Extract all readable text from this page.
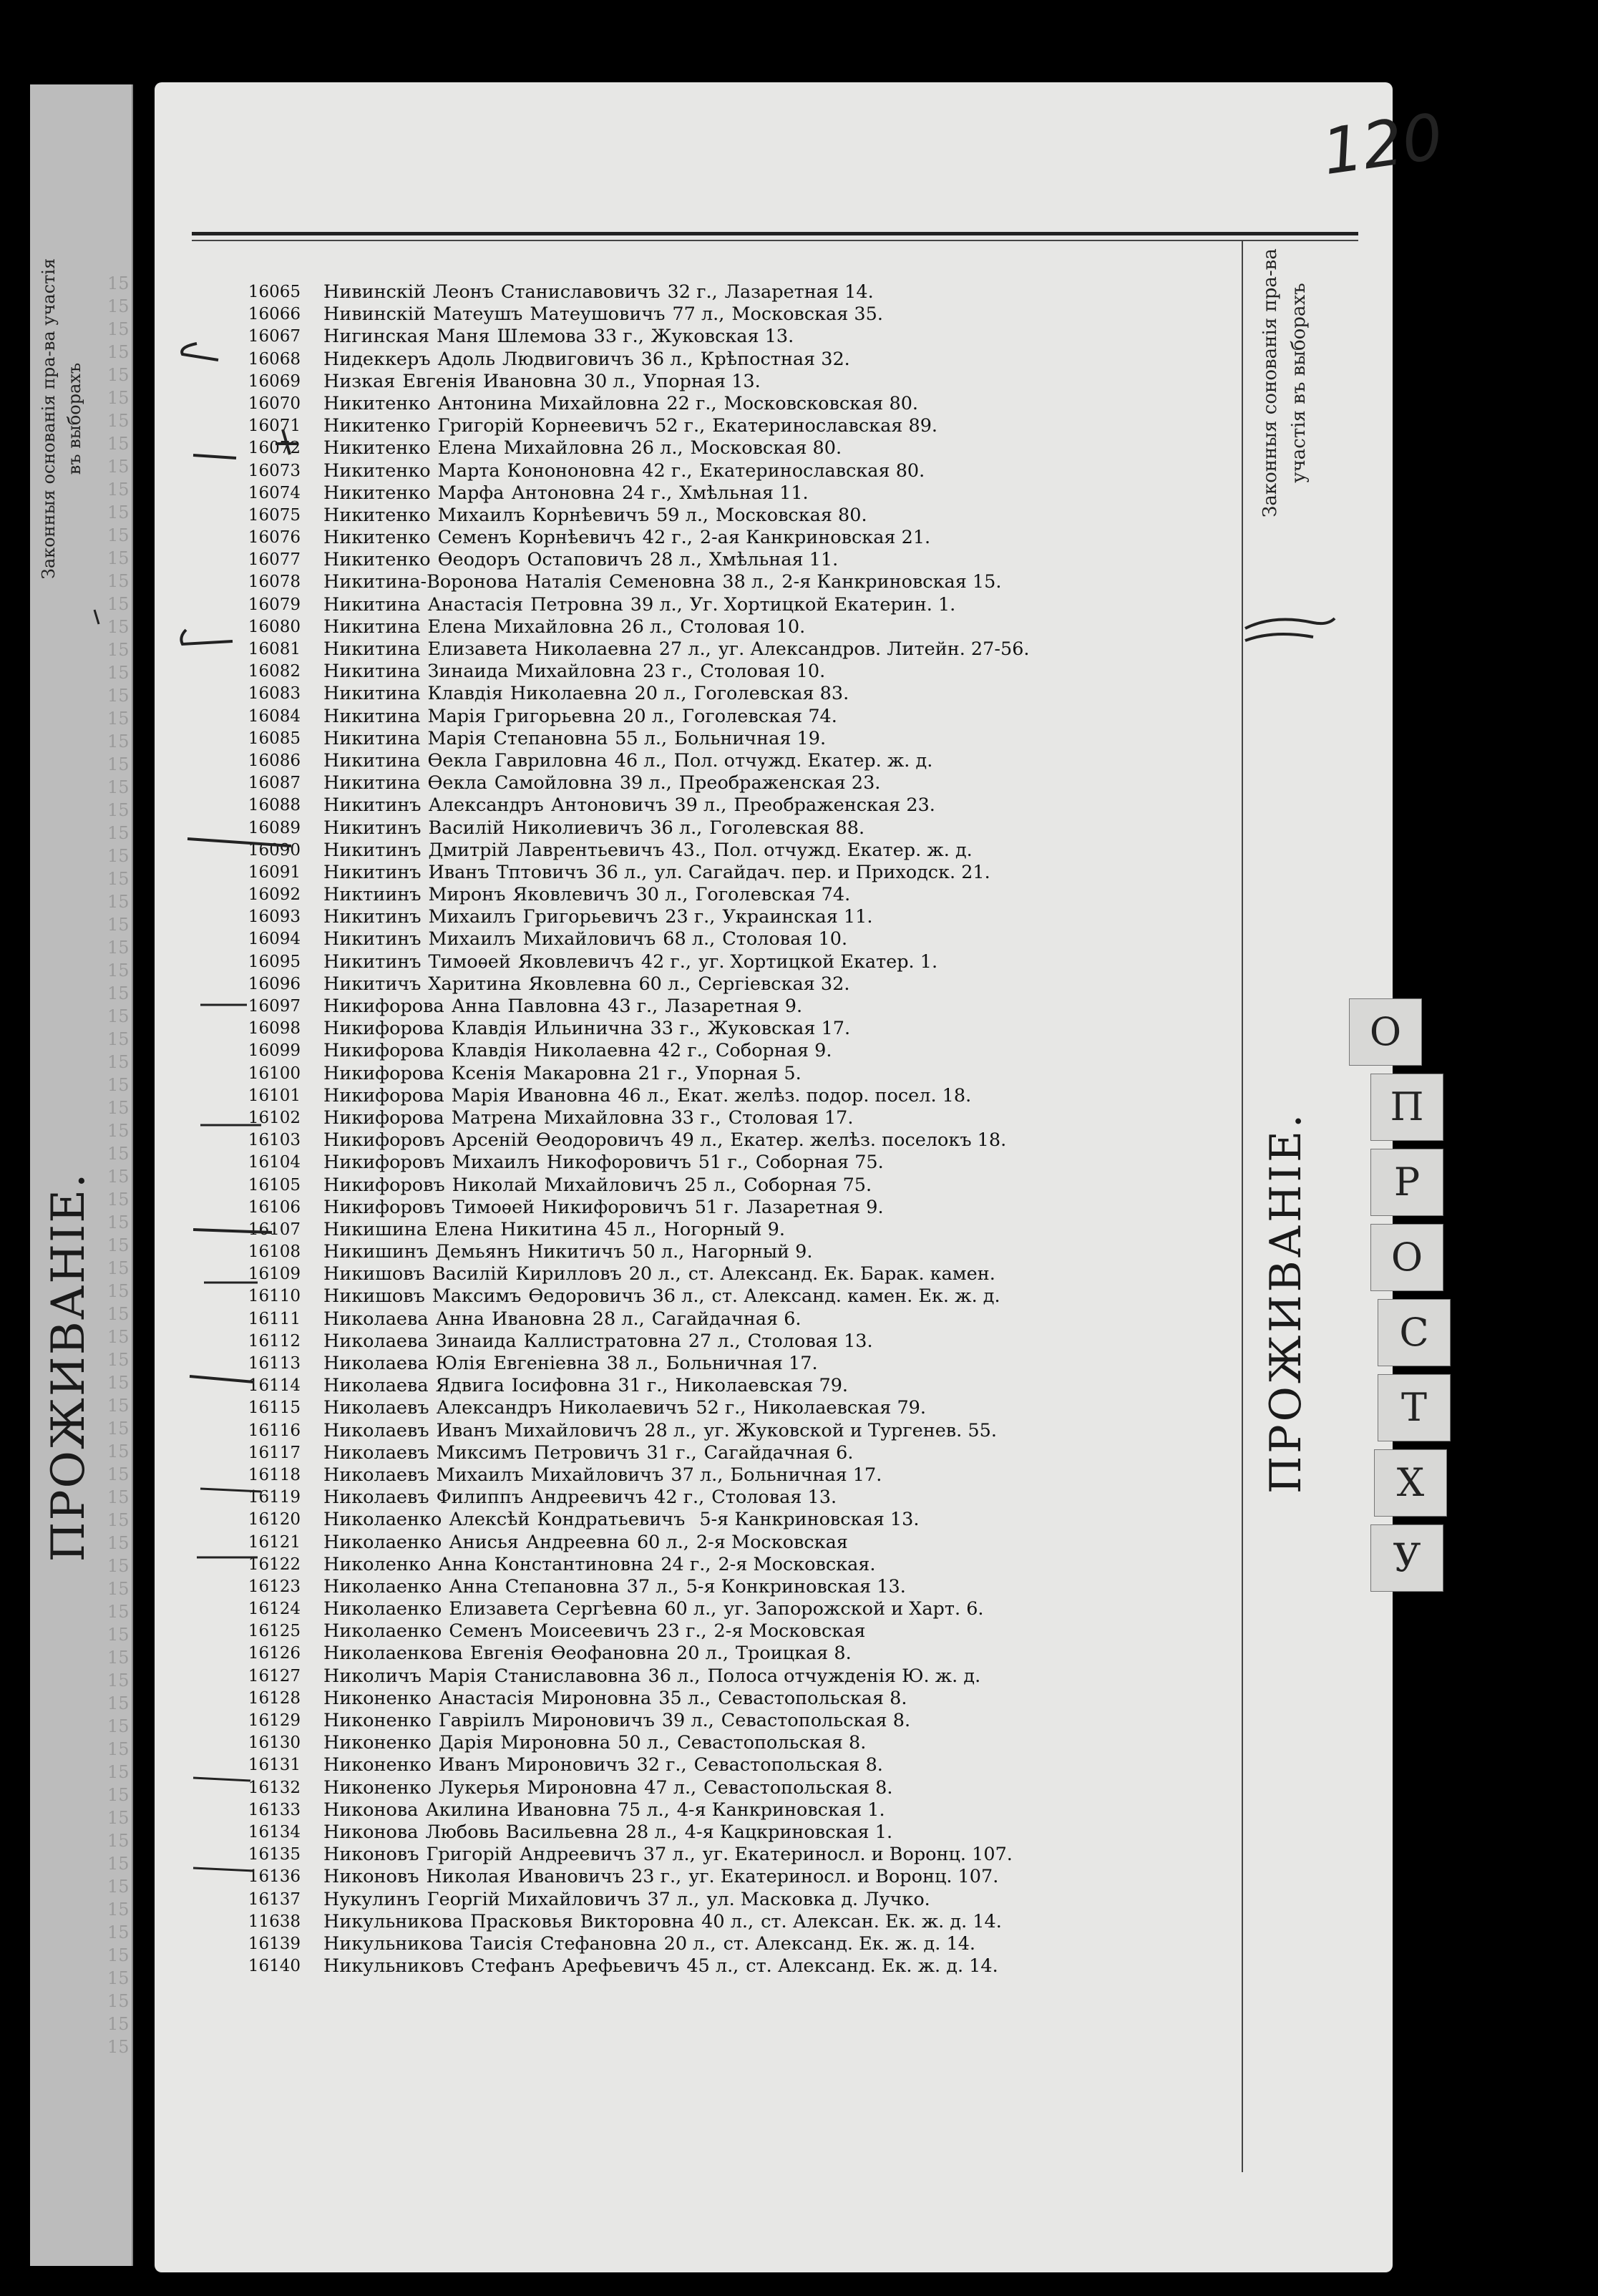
Законныя основанія пра-ва участія въ выборахъ
ПРОЖИВАНІЕ.
15
15
15
15
15
15
15
15
15
15
15
15
15
15
15
15
15
15
15
15
15
15
15
15
15
15
15
15
15
15
15
15
15
15
15
15
15
15
15
15
15
15
15
15
15
15
15
15
15
15
15
15
15
15
15
15
15
15
15
15
15
15
15
15
15
15
15
15
15
15
15
15
15
15
15
15
15
15
120
16065	Нивинскій Леонъ Станиславовичъ 32 г., Лазаретная 14.
16066	Нивинскій Матеушъ Матеушовичъ 77 л., Московская 35.
16067	Нигинская Маня Шлемова 33 г., Жуковская 13.
16068	Нидеккеръ Адоль Людвиговичъ 36 л., Крѣпостная 32.
16069	Низкая Евгенія Ивановна 30 л., Упорная 13.
16070	Никитенко Антонина Михайловна 22 г., Московсковская 80.
16071	Никитенко Григорій Корнеевичъ 52 г., Екатеринославская 89.
16072	Никитенко Елена Михайловна 26 л., Московская 80.
16073	Никитенко Марта Конононовна 42 г., Екатеринославская 80.
16074	Никитенко Марфа Антоновна 24 г., Хмѣльная 11.
16075	Никитенко Михаилъ Корнѣевичъ 59 л., Московская 80.
16076	Никитенко Семенъ Корнѣевичъ 42 г., 2-ая Канкриновская 21.
16077	Никитенко Ѳеодоръ Остаповичъ 28 л., Хмѣльная 11.
16078	Никитина-Воронова Наталія Семеновна 38 л., 2-я Канкриновская 15.
16079	Никитина Анастасія Петровна 39 л., Уг. Хортицкой Екатерин. 1.
16080	Никитина Елена Михайловна 26 л., Столовая 10.
16081	Никитина Елизавета Николаевна 27 л., уг. Александров. Литейн. 27-56.
16082	Никитина Зинаида Михайловна 23 г., Столовая 10.
16083	Никитина Клавдія Николаевна 20 л., Гоголевская 83.
16084	Никитина Марія Григорьевна 20 л., Гоголевская 74.
16085	Никитина Марія Степановна 55 л., Больничная 19.
16086	Никитина Ѳекла Гавриловна 46 л., Пол. отчужд. Екатер. ж. д.
16087	Никитина Ѳекла Самойловна 39 л., Преображенская 23.
16088	Никитинъ Александръ Антоновичъ 39 л., Преображенская 23.
16089	Никитинъ Василій Николиевичъ 36 л., Гоголевская 88.
16090	Никитинъ Дмитрій Лаврентьевичъ 43., Пол. отчужд. Екатер. ж. д.
16091	Никитинъ Иванъ Тптовичъ 36 л., ул. Сагайдач. пер. и Приходск. 21.
16092	Никтиинъ Миронъ Яковлевичъ 30 л., Гоголевская 74.
16093	Никитинъ Михаилъ Григорьевичъ 23 г., Украинская 11.
16094	Никитинъ Михаилъ Михайловичъ 68 л., Столовая 10.
16095	Никитинъ Тимоѳей Яковлевичъ 42 г., уг. Хортицкой Екатер. 1.
16096	Никитичъ Харитина Яковлевна 60 л., Сергіевская 32.
16097	Никифорова Анна Павловна 43 г., Лазаретная 9.
16098	Никифорова Клавдія Ильинична 33 г., Жуковская 17.
16099	Никифорова Клавдія Николаевна 42 г., Соборная 9.
16100	Никифорова Ксенія Макаровна 21 г., Упорная 5.
16101	Никифорова Марія Ивановна 46 л., Екат. желѣз. подор. посел. 18.
16102	Никифорова Матрена Михайловна 33 г., Столовая 17.
16103	Никифоровъ Арсеній Ѳеодоровичъ 49 л., Екатер. желѣз. поселокъ 18.
16104	Никифоровъ Михаилъ Никофоровичъ 51 г., Соборная 75.
16105	Никифоровъ Николай Михайловичъ 25 л., Соборная 75.
16106	Никифоровъ Тимоѳей Никифоровичъ 51 г. Лазаретная 9.
16107	Никишина Елена Никитина 45 л., Ногорный 9.
16108	Никишинъ Демьянъ Никитичъ 50 л., Нагорный 9.
16109	Никишовъ Василій Кирилловъ 20 л., ст. Александ. Ек. Барак. камен.
16110	Никишовъ Максимъ Ѳедоровичъ 36 л., ст. Александ. камен. Ек. ж. д.
16111	Николаева Анна Ивановна 28 л., Сагайдачная 6.
16112	Николаева Зинаида Каллистратовна 27 л., Столовая 13.
16113	Николаева Юлія Евгеніевна 38 л., Больничная 17.
16114	Николаева Ядвига Іосифовна 31 г., Николаевская 79.
16115	Николаевъ Александръ Николаевичъ 52 г., Николаевская 79.
16116	Николаевъ Иванъ Михайловичъ 28 л., уг. Жуковской и Тургенев. 55.
16117	Николаевъ Миксимъ Петровичъ 31 г., Сагайдачная 6.
16118	Николаевъ Михаилъ Михайловичъ 37 л., Больничная 17.
16119	Николаевъ Филиппъ Андреевичъ 42 г., Столовая 13.
16120	Николаенко Алексѣй Кондратьевичъ 5-я Канкриновская 13.
16121	Николаенко Анисья Андреевна 60 л., 2-я Московская
16122	Николенко Анна Константиновна 24 г., 2-я Московская.
16123	Николаенко Анна Степановна 37 л., 5-я Конкриновская 13.
16124	Николаенко Елизавета Сергѣевна 60 л., уг. Запорожской и Харт. 6.
16125	Николаенко Семенъ Моисеевичъ 23 г., 2-я Московская
16126	Николаенкова Евгенія Ѳеофановна 20 л., Троицкая 8.
16127	Николичъ Марія Станиславовна 36 л., Полоса отчужденія Ю. ж. д.
16128	Никоненко Анастасія Мироновна 35 л., Севастопольская 8.
16129	Никоненко Гавріилъ Мироновичъ 39 л., Севастопольская 8.
16130	Никоненко Дарія Мироновна 50 л., Севастопольская 8.
16131	Никоненко Иванъ Мироновичъ 32 г., Севастопольская 8.
16132	Никоненко Лукерья Мироновна 47 л., Севастопольская 8.
16133	Никонова Акилина Ивановна 75 л., 4-я Канкриновская 1.
16134	Никонова Любовь Васильевна 28 л., 4-я Кацкриновская 1.
16135	Никоновъ Григорій Андреевичъ 37 л., уг. Екатериносл. и Воронц. 107.
16136	Никоновъ Николая Ивановичъ 23 г., уг. Екатериносл. и Воронц. 107.
16137	Нукулинъ Георгій Михайловичъ 37 л., ул. Масковка д. Лучко.
11638	Никульникова Прасковья Викторовна 40 л., ст. Алексан. Ек. ж. д. 14.
16139	Никульникова Таисія Стефановна 20 л., ст. Александ. Ек. ж. д. 14.
16140	Никульниковъ Стефанъ Арефьевичъ 45 л., ст. Александ. Ек. ж. д. 14.
Законныя сонованія пра-ва участія въ выборахъ
ПРОЖИВАНІЕ.
О
П
Р
О
С
Т
Х
У
